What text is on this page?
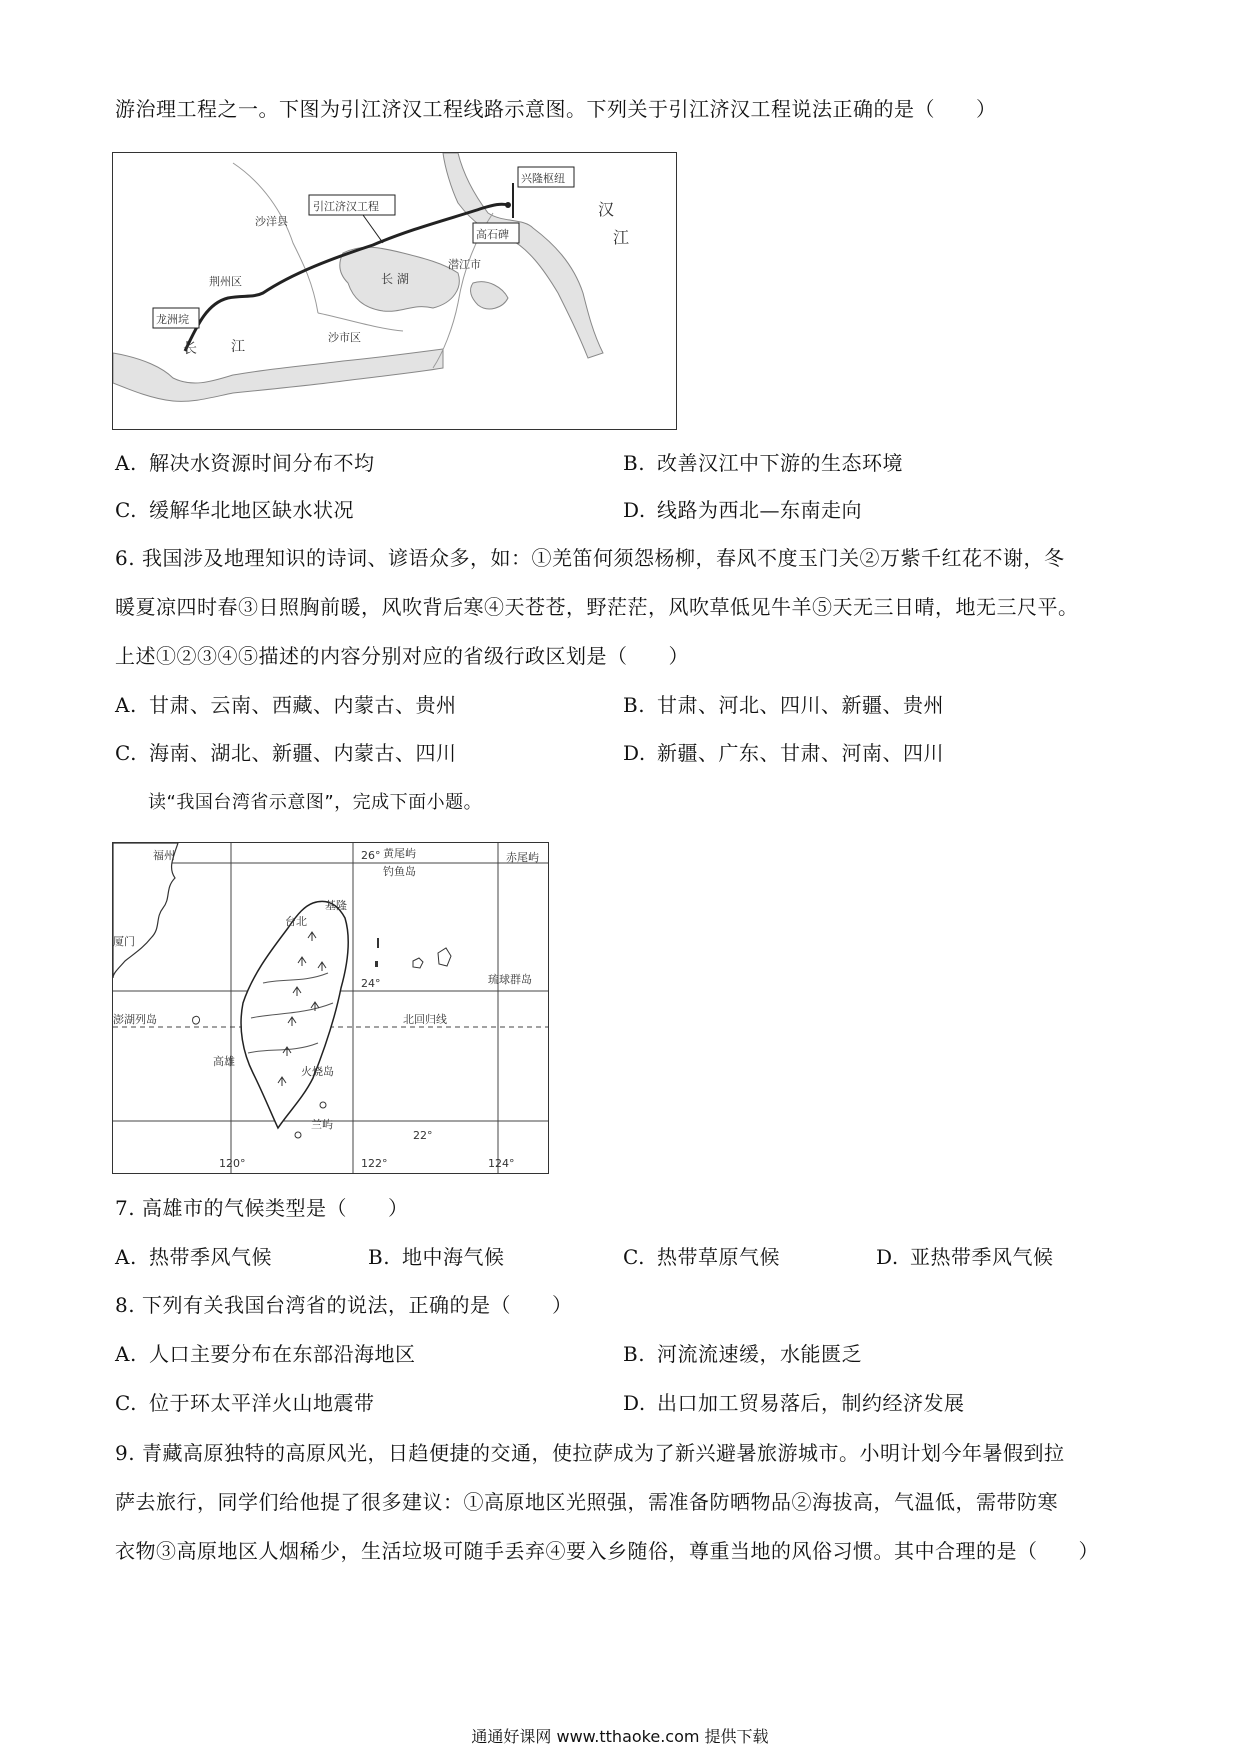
游治理工程之一。下图为引江济汉工程线路示意图。下列关于引江济汉工程说法正确的是（　　）
引江济汉工程
兴隆枢纽
高石碑
龙洲垸
沙洋县
荆州区
沙市区
潜江市
长 湖
汉
江
长 江
A. 解决水资源时间分布不均	B. 改善汉江中下游的生态环境
C. 缓解华北地区缺水状况	D. 线路为西北—东南走向
6. 我国涉及地理知识的诗词、谚语众多，如：①羌笛何须怨杨柳，春风不度玉门关②万紫千红花不谢，冬
暖夏凉四时春③日照胸前暖，风吹背后寒④天苍苍，野茫茫，风吹草低见牛羊⑤天无三日晴，地无三尺平。
上述①②③④⑤描述的内容分别对应的省级行政区划是（　　）
A. 甘肃、云南、西藏、内蒙古、贵州	B. 甘肃、河北、四川、新疆、贵州
C. 海南、湖北、新疆、内蒙古、四川	D. 新疆、广东、甘肃、河南、四川
读“我国台湾省示意图”，完成下面小题。
福州
厦门
台北
基隆
高雄
火烧岛
兰屿
澎湖列岛	北回归线
黄尾屿
钓鱼岛
赤尾屿
琉球群岛
26°
24°
22°
120°	122°	124°
7. 高雄市的气候类型是（　　）
A. 热带季风气候	B. 地中海气候	C. 热带草原气候	D. 亚热带季风气候
8. 下列有关我国台湾省的说法，正确的是（　　）
A. 人口主要分布在东部沿海地区	B. 河流流速缓，水能匮乏
C. 位于环太平洋火山地震带	D. 出口加工贸易落后，制约经济发展
9. 青藏高原独特的高原风光，日趋便捷的交通，使拉萨成为了新兴避暑旅游城市。小明计划今年暑假到拉
萨去旅行，同学们给他提了很多建议：①高原地区光照强，需准备防晒物品②海拔高，气温低，需带防寒
衣物③高原地区人烟稀少，生活垃圾可随手丢弃④要入乡随俗，尊重当地的风俗习惯。其中合理的是（　　）
通通好课网 www.tthaoke.com 提供下载
